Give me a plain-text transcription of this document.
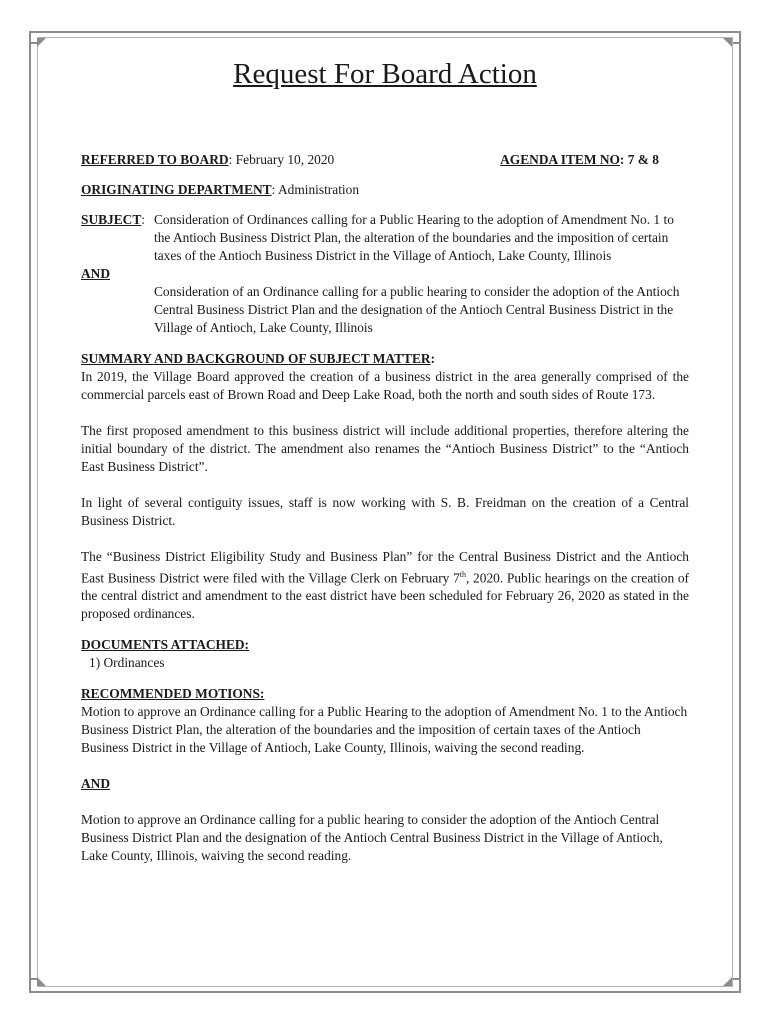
Request For Board Action
REFERRED TO BOARD: February 10, 2020	AGENDA ITEM NO: 7 & 8
ORIGINATING DEPARTMENT: Administration
SUBJECT: Consideration of Ordinances calling for a Public Hearing to the adoption of Amendment No. 1 to the Antioch Business District Plan, the alteration of the boundaries and the imposition of certain taxes of the Antioch Business District in the Village of Antioch, Lake County, Illinois
AND
Consideration of an Ordinance calling for a public hearing to consider the adoption of the Antioch Central Business District Plan and the designation of the Antioch Central Business District in the Village of Antioch, Lake County, Illinois
SUMMARY AND BACKGROUND OF SUBJECT MATTER:

In 2019, the Village Board approved the creation of a business district in the area generally comprised of the commercial parcels east of Brown Road and Deep Lake Road, both the north and south sides of Route 173.

The first proposed amendment to this business district will include additional properties, therefore altering the initial boundary of the district. The amendment also renames the “Antioch Business District” to the “Antioch East Business District”.

In light of several contiguity issues, staff is now working with S. B. Freidman on the creation of a Central Business District.

The “Business District Eligibility Study and Business Plan” for the Central Business District and the Antioch East Business District were filed with the Village Clerk on February 7th, 2020. Public hearings on the creation of the central district and amendment to the east district have been scheduled for February 26, 2020 as stated in the proposed ordinances.

DOCUMENTS ATTACHED:
1) Ordinances
RECOMMENDED MOTIONS:

Motion to approve an Ordinance calling for a Public Hearing to the adoption of Amendment No. 1 to the Antioch Business District Plan, the alteration of the boundaries and the imposition of certain taxes of the Antioch Business District in the Village of Antioch, Lake County, Illinois, waiving the second reading.

AND

Motion to approve an Ordinance calling for a public hearing to consider the adoption of the Antioch Central Business District Plan and the designation of the Antioch Central Business District in the Village of Antioch, Lake County, Illinois, waiving the second reading.
